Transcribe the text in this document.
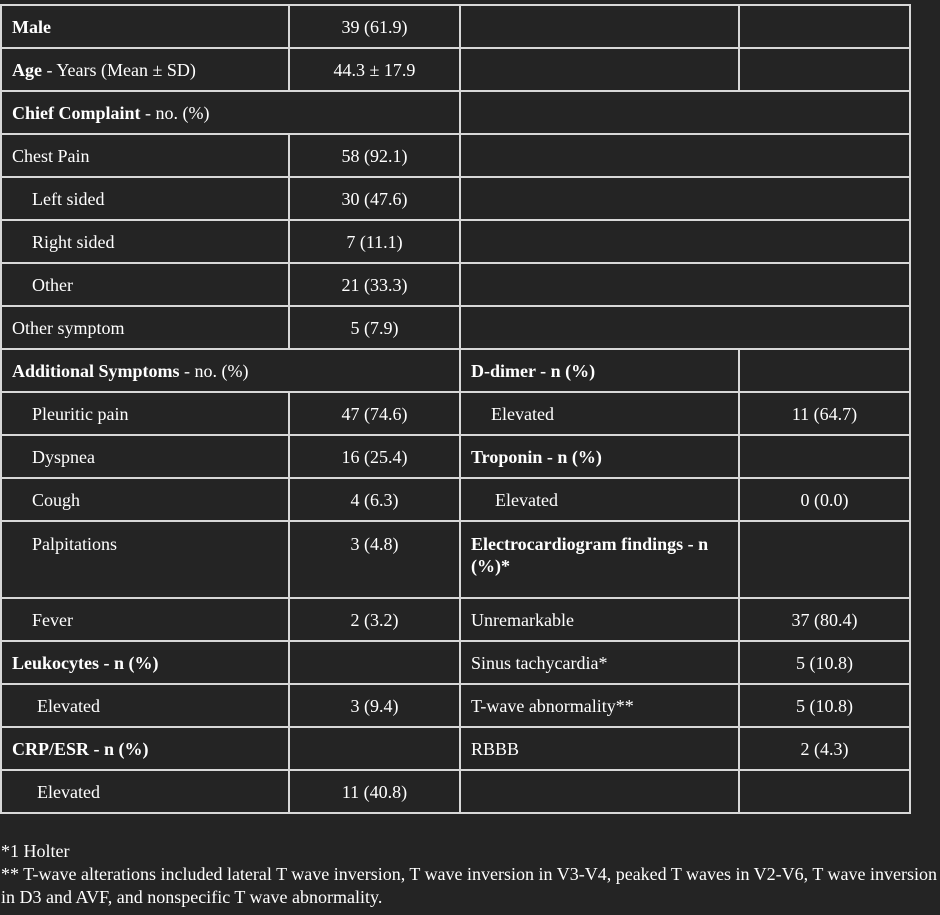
Male	39 (61.9)		
Age - Years (Mean ± SD)	44.3 ± 17.9		
Chief Complaint - no. (%)			
Chest Pain	58 (92.1)		
Left sided	30 (47.6)		
Right sided	7 (11.1)		
Other	21 (33.3)		
Other symptom	5 (7.9)		
Additional Symptoms - no. (%)		D-dimer - n (%)	
Pleuritic pain	47 (74.6)	Elevated	11 (64.7)
Dyspnea	16 (25.4)	Troponin - n (%)	
Cough	4 (6.3)	Elevated	0 (0.0)
Palpitations	3 (4.8)	Electrocardiogram findings - n (%)*	
Fever	2 (3.2)	Unremarkable	37 (80.4)
Leukocytes - n (%)		Sinus tachycardia*	5 (10.8)
Elevated	3 (9.4)	T-wave abnormality**	5 (10.8)
CRP/ESR - n (%)		RBBB	2 (4.3)
Elevated	11 (40.8)		

*1 Holter

** T-wave alterations included lateral T wave inversion, T wave inversion in V3-V4, peaked T waves in V2-V6, T wave inversion in D3 and AVF, and nonspecific T wave abnormality.
